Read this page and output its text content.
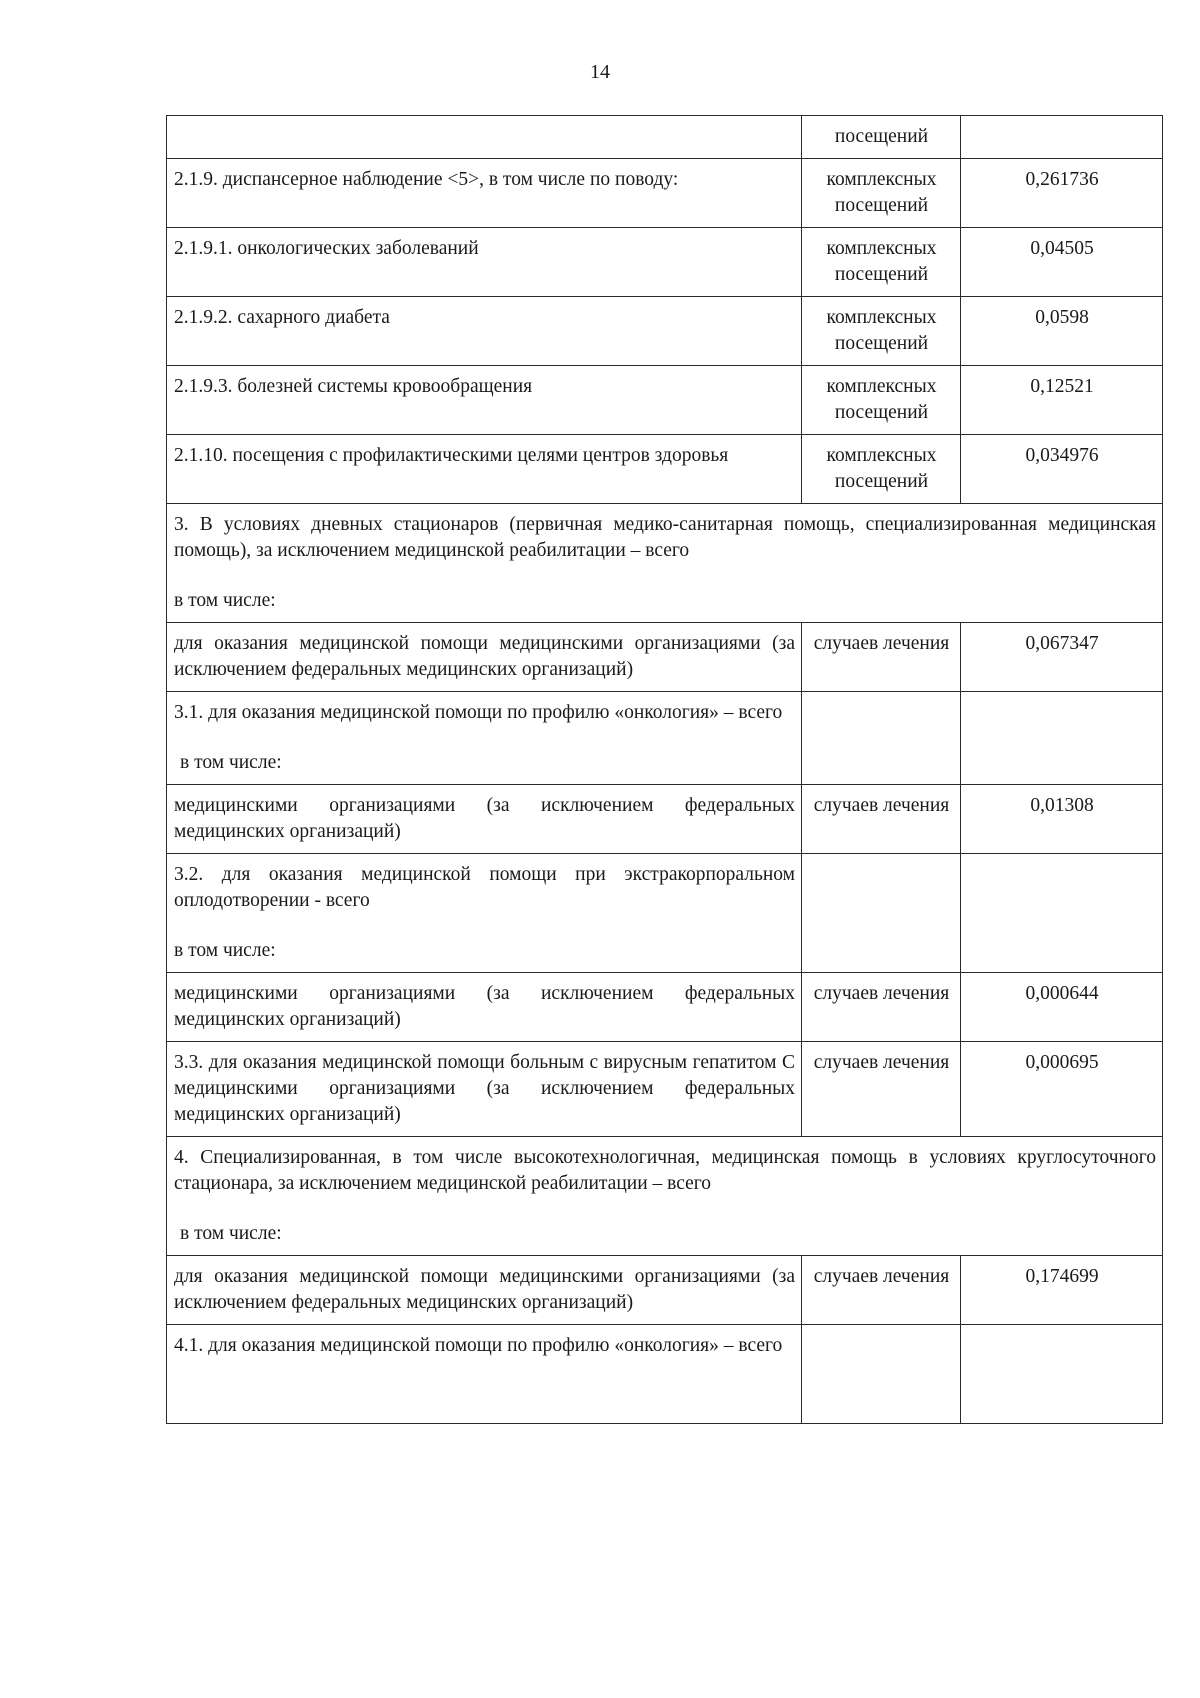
14
	посещений	
2.1.9. диспансерное наблюдение <5>, в том числе по поводу:	комплексных посещений	0,261736
2.1.9.1. онкологических заболеваний	комплексных посещений	0,04505
2.1.9.2. сахарного диабета	комплексных посещений	0,0598
2.1.9.3. болезней системы кровообращения	комплексных посещений	0,12521
2.1.10. посещения с профилактическими целями центров здоровья	комплексных посещений	0,034976
3. В условиях дневных стационаров (первичная медико-санитарная помощь, специализированная медицинская помощь), за исключением медицинской реабилитации – всего
в том числе:		

для оказания медицинской помощи медицинскими организациями (за исключением федеральных медицинских организаций)	случаев лечения	0,067347
3.1. для оказания медицинской помощи по профилю «онкология» – всего
в том числе:		

медицинскими организациями (за исключением федеральных медицинских организаций)	случаев лечения	0,01308
3.2. для оказания медицинской помощи при экстракорпоральном оплодотворении - всего
в том числе:		

медицинскими организациями (за исключением федеральных медицинских организаций)	случаев лечения	0,000644
3.3. для оказания медицинской помощи больным с вирусным гепатитом С медицинскими организациями (за исключением федеральных медицинских организаций)	случаев лечения	0,000695
4. Специализированная, в том числе высокотехнологичная, медицинская помощь в условиях круглосуточного стационара, за исключением медицинской реабилитации – всего
в том числе:		

для оказания медицинской помощи медицинскими организациями (за исключением федеральных медицинских организаций)	случаев лечения	0,174699
4.1. для оказания медицинской помощи по профилю «онкология» – всего		
